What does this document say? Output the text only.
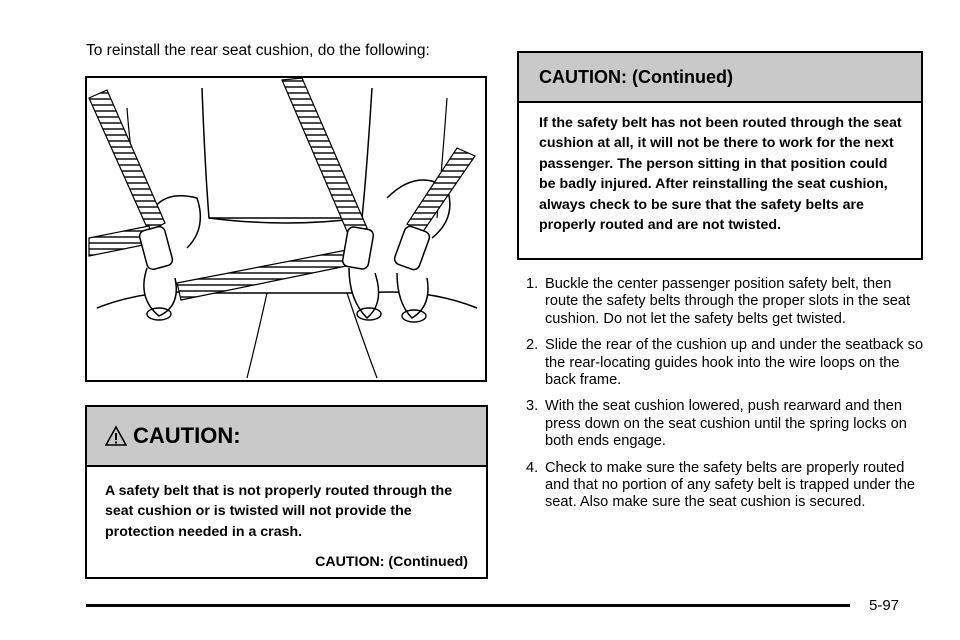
To reinstall the rear seat cushion, do the following:

CAUTION:
A safety belt that is not properly routed through the seat cushion or is twisted will not provide the protection needed in a crash.
CAUTION: (Continued)
CAUTION: (Continued)
If the safety belt has not been routed through the seat cushion at all, it will not be there to work for the next passenger. The person sitting in that position could be badly injured. After reinstalling the seat cushion, always check to be sure that the safety belts are properly routed and are not twisted.
1. Buckle the center passenger position safety belt, then route the safety belts through the proper slots in the seat cushion. Do not let the safety belts get twisted.
2. Slide the rear of the cushion up and under the seatback so the rear-locating guides hook into the wire loops on the back frame.
3. With the seat cushion lowered, push rearward and then press down on the seat cushion until the spring locks on both ends engage.
4. Check to make sure the safety belts are properly routed and that no portion of any safety belt is trapped under the seat. Also make sure the seat cushion is secured.
5-97
